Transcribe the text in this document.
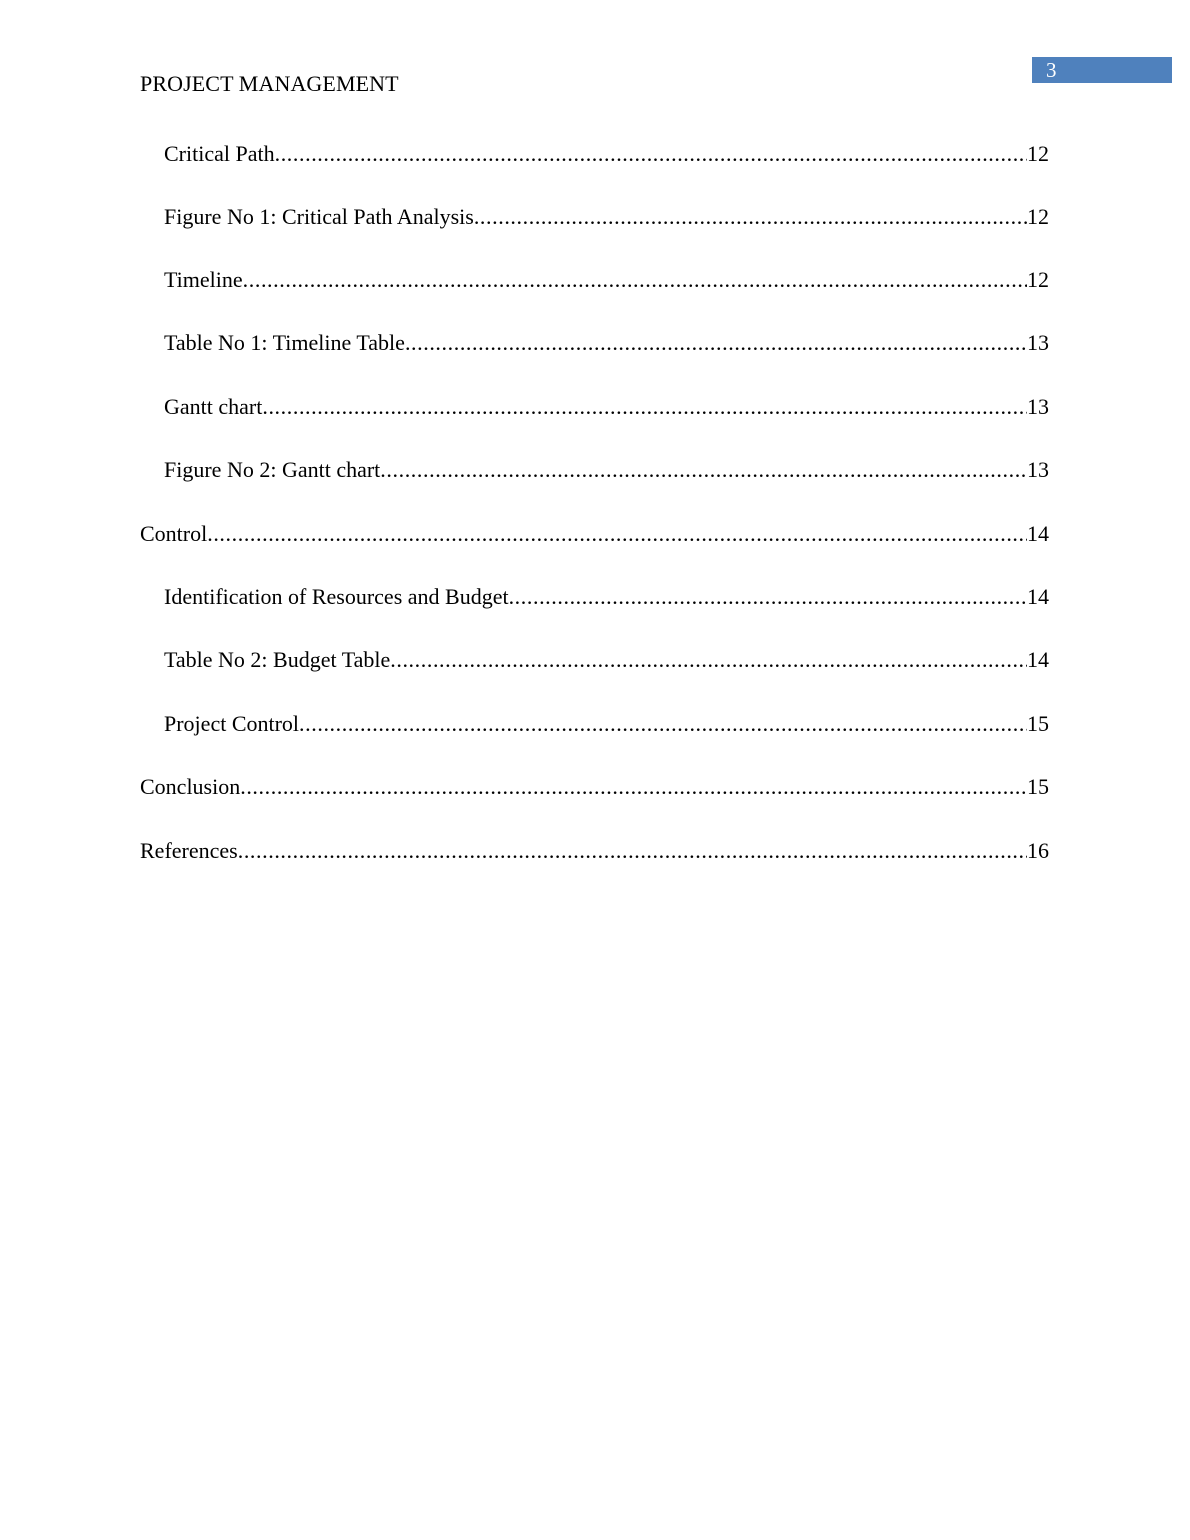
3
PROJECT MANAGEMENT
Critical Path .....	12
Figure No 1: Critical Path Analysis .....	12
Timeline .....	12
Table No 1: Timeline Table .....	13
Gantt chart .....	13
Figure No 2: Gantt chart .....	13
Control .....	14
Identification of Resources and Budget .....	14
Table No 2: Budget Table .....	14
Project Control .....	15
Conclusion .....	15
References .....	16
